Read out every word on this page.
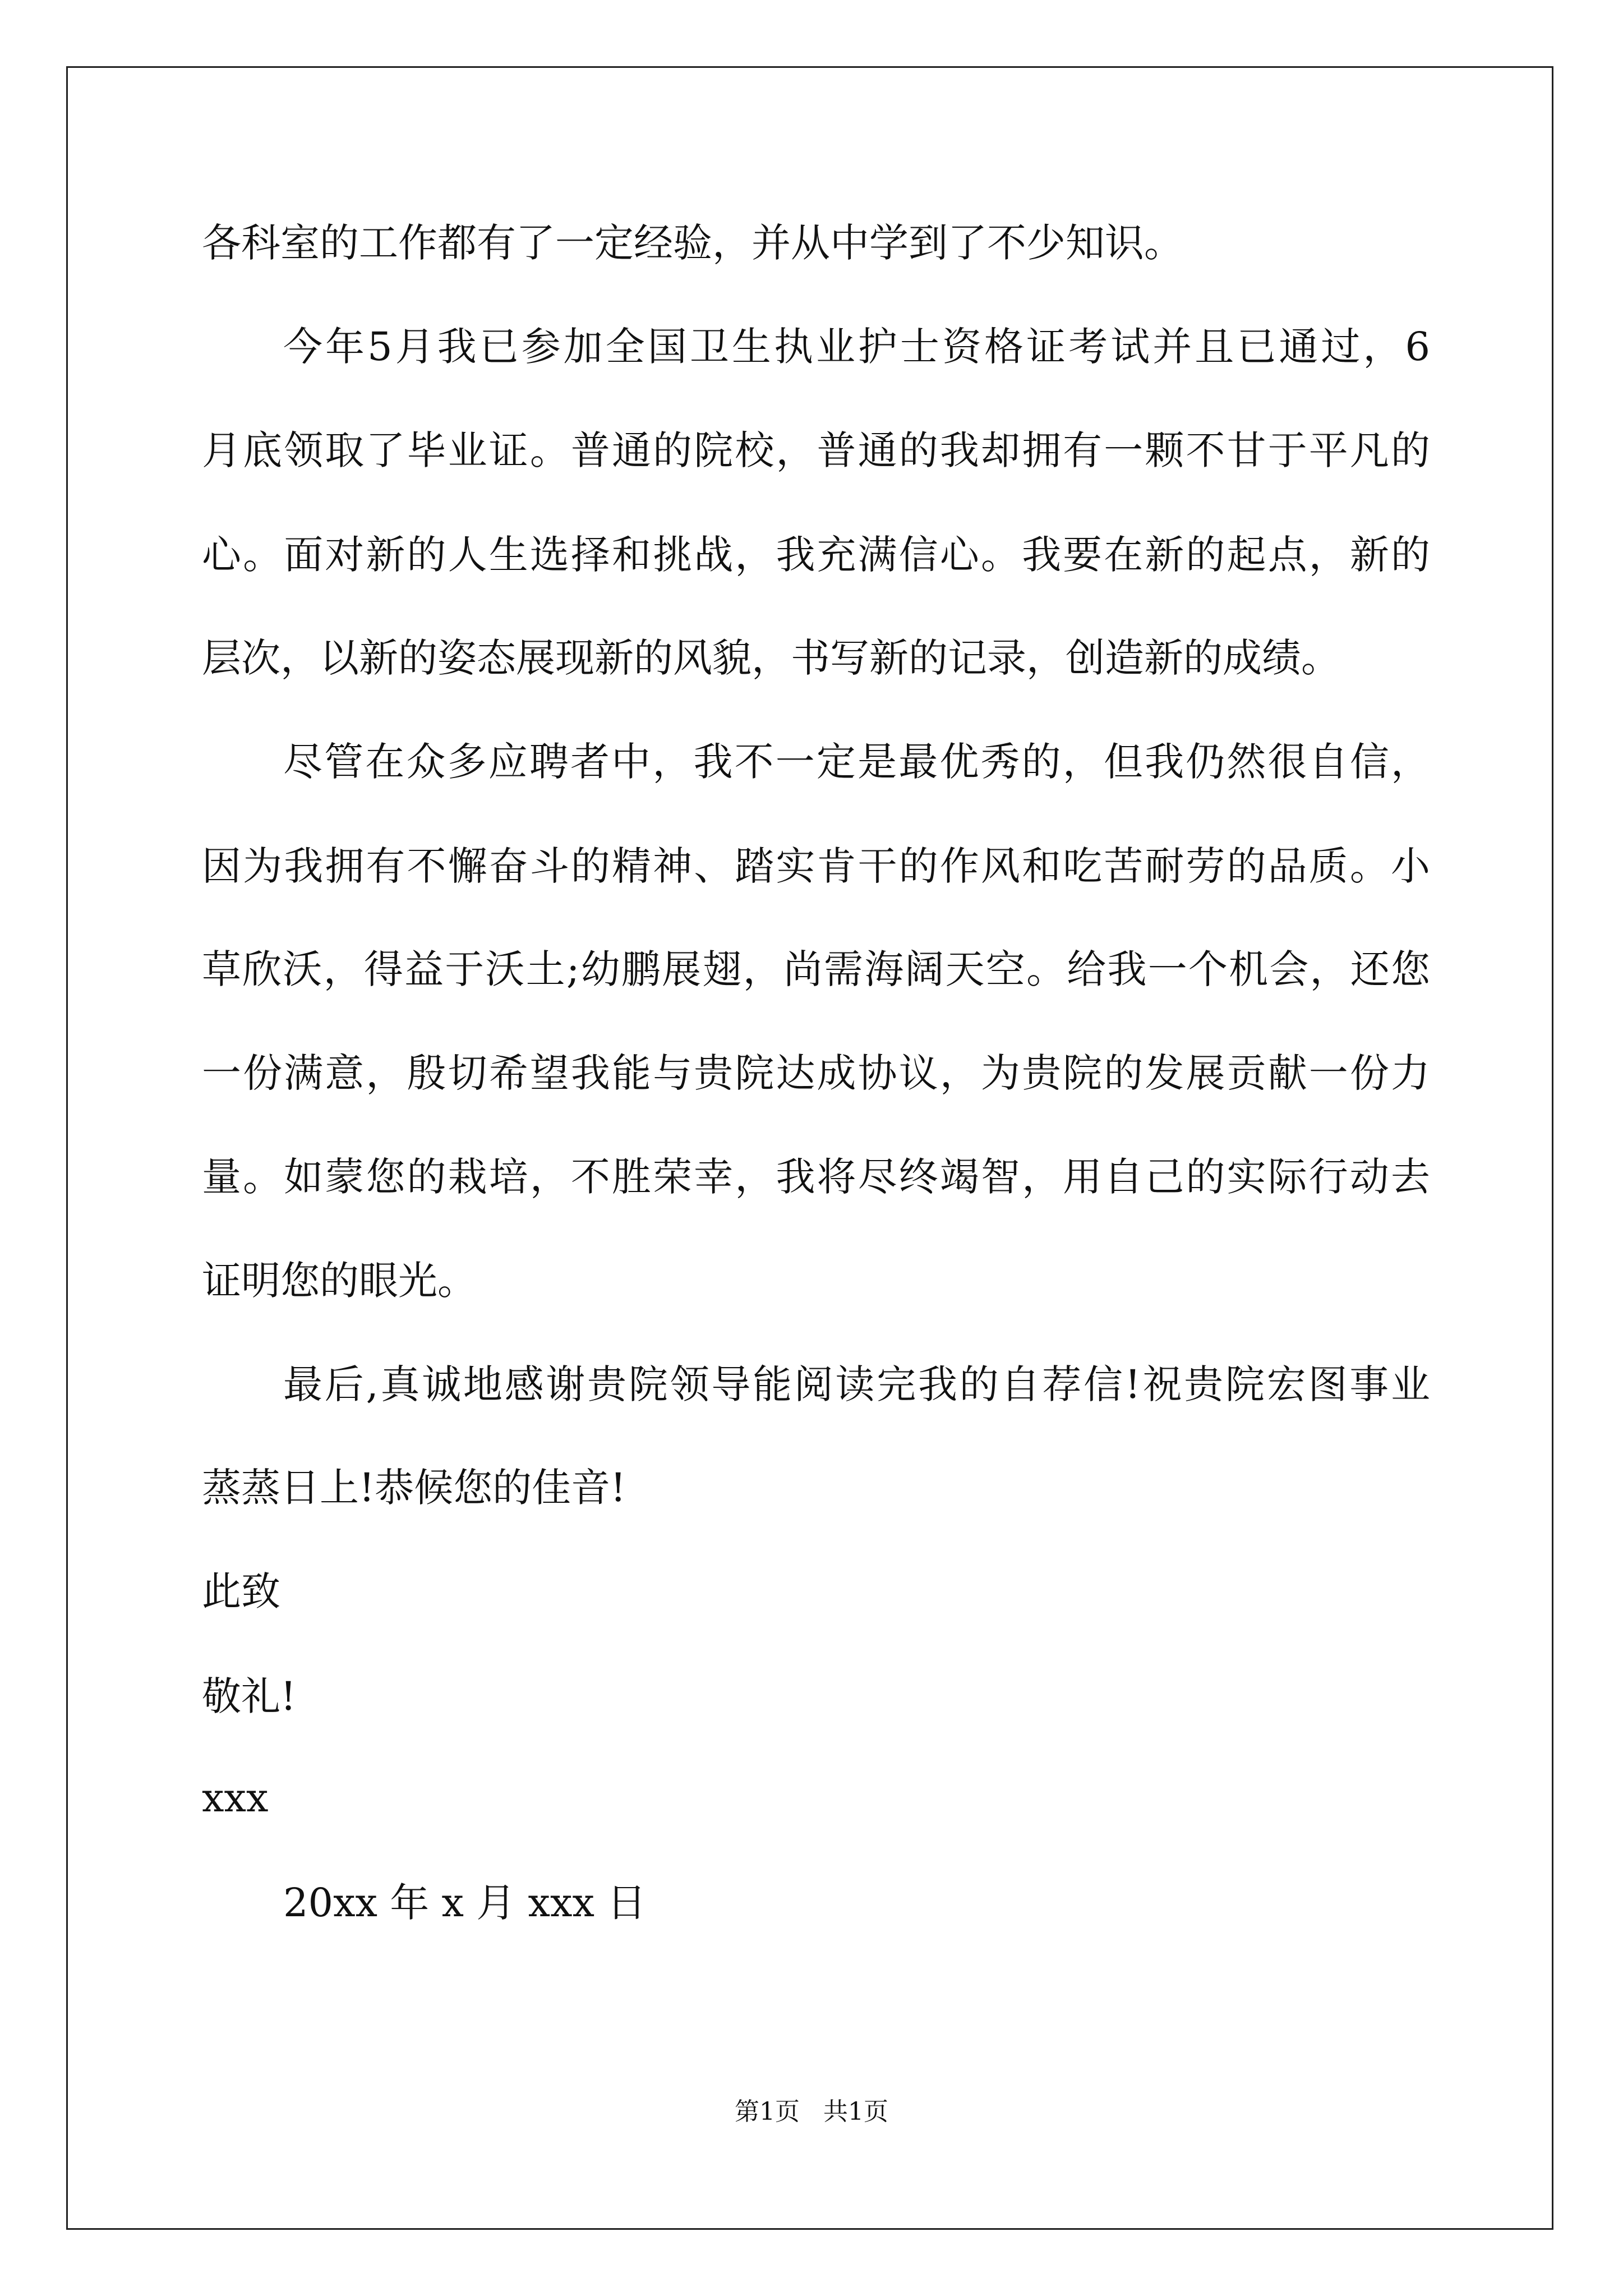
各科室的工作都有了一定经验，并从中学到了不少知识。
今年5月我已参加全国卫生执业护士资格证考试并且已通过，6
月底领取了毕业证。普通的院校，普通的我却拥有一颗不甘于平凡的
心。面对新的人生选择和挑战，我充满信心。我要在新的起点，新的
层次，以新的姿态展现新的风貌，书写新的记录，创造新的成绩。
尽管在众多应聘者中，我不一定是最优秀的，但我仍然很自信，
因为我拥有不懈奋斗的精神、踏实肯干的作风和吃苦耐劳的品质。小
草欣沃，得益于沃土;幼鹏展翅，尚需海阔天空。给我一个机会，还您
一份满意，殷切希望我能与贵院达成协议，为贵院的发展贡献一份力
量。如蒙您的栽培，不胜荣幸，我将尽终竭智，用自己的实际行动去
证明您的眼光。
最后,真诚地感谢贵院领导能阅读完我的自荐信!祝贵院宏图事业
蒸蒸日上!恭候您的佳音!
此致
敬礼!
xxx
20xx 年 x 月 xxx 日
第1页   共1页
